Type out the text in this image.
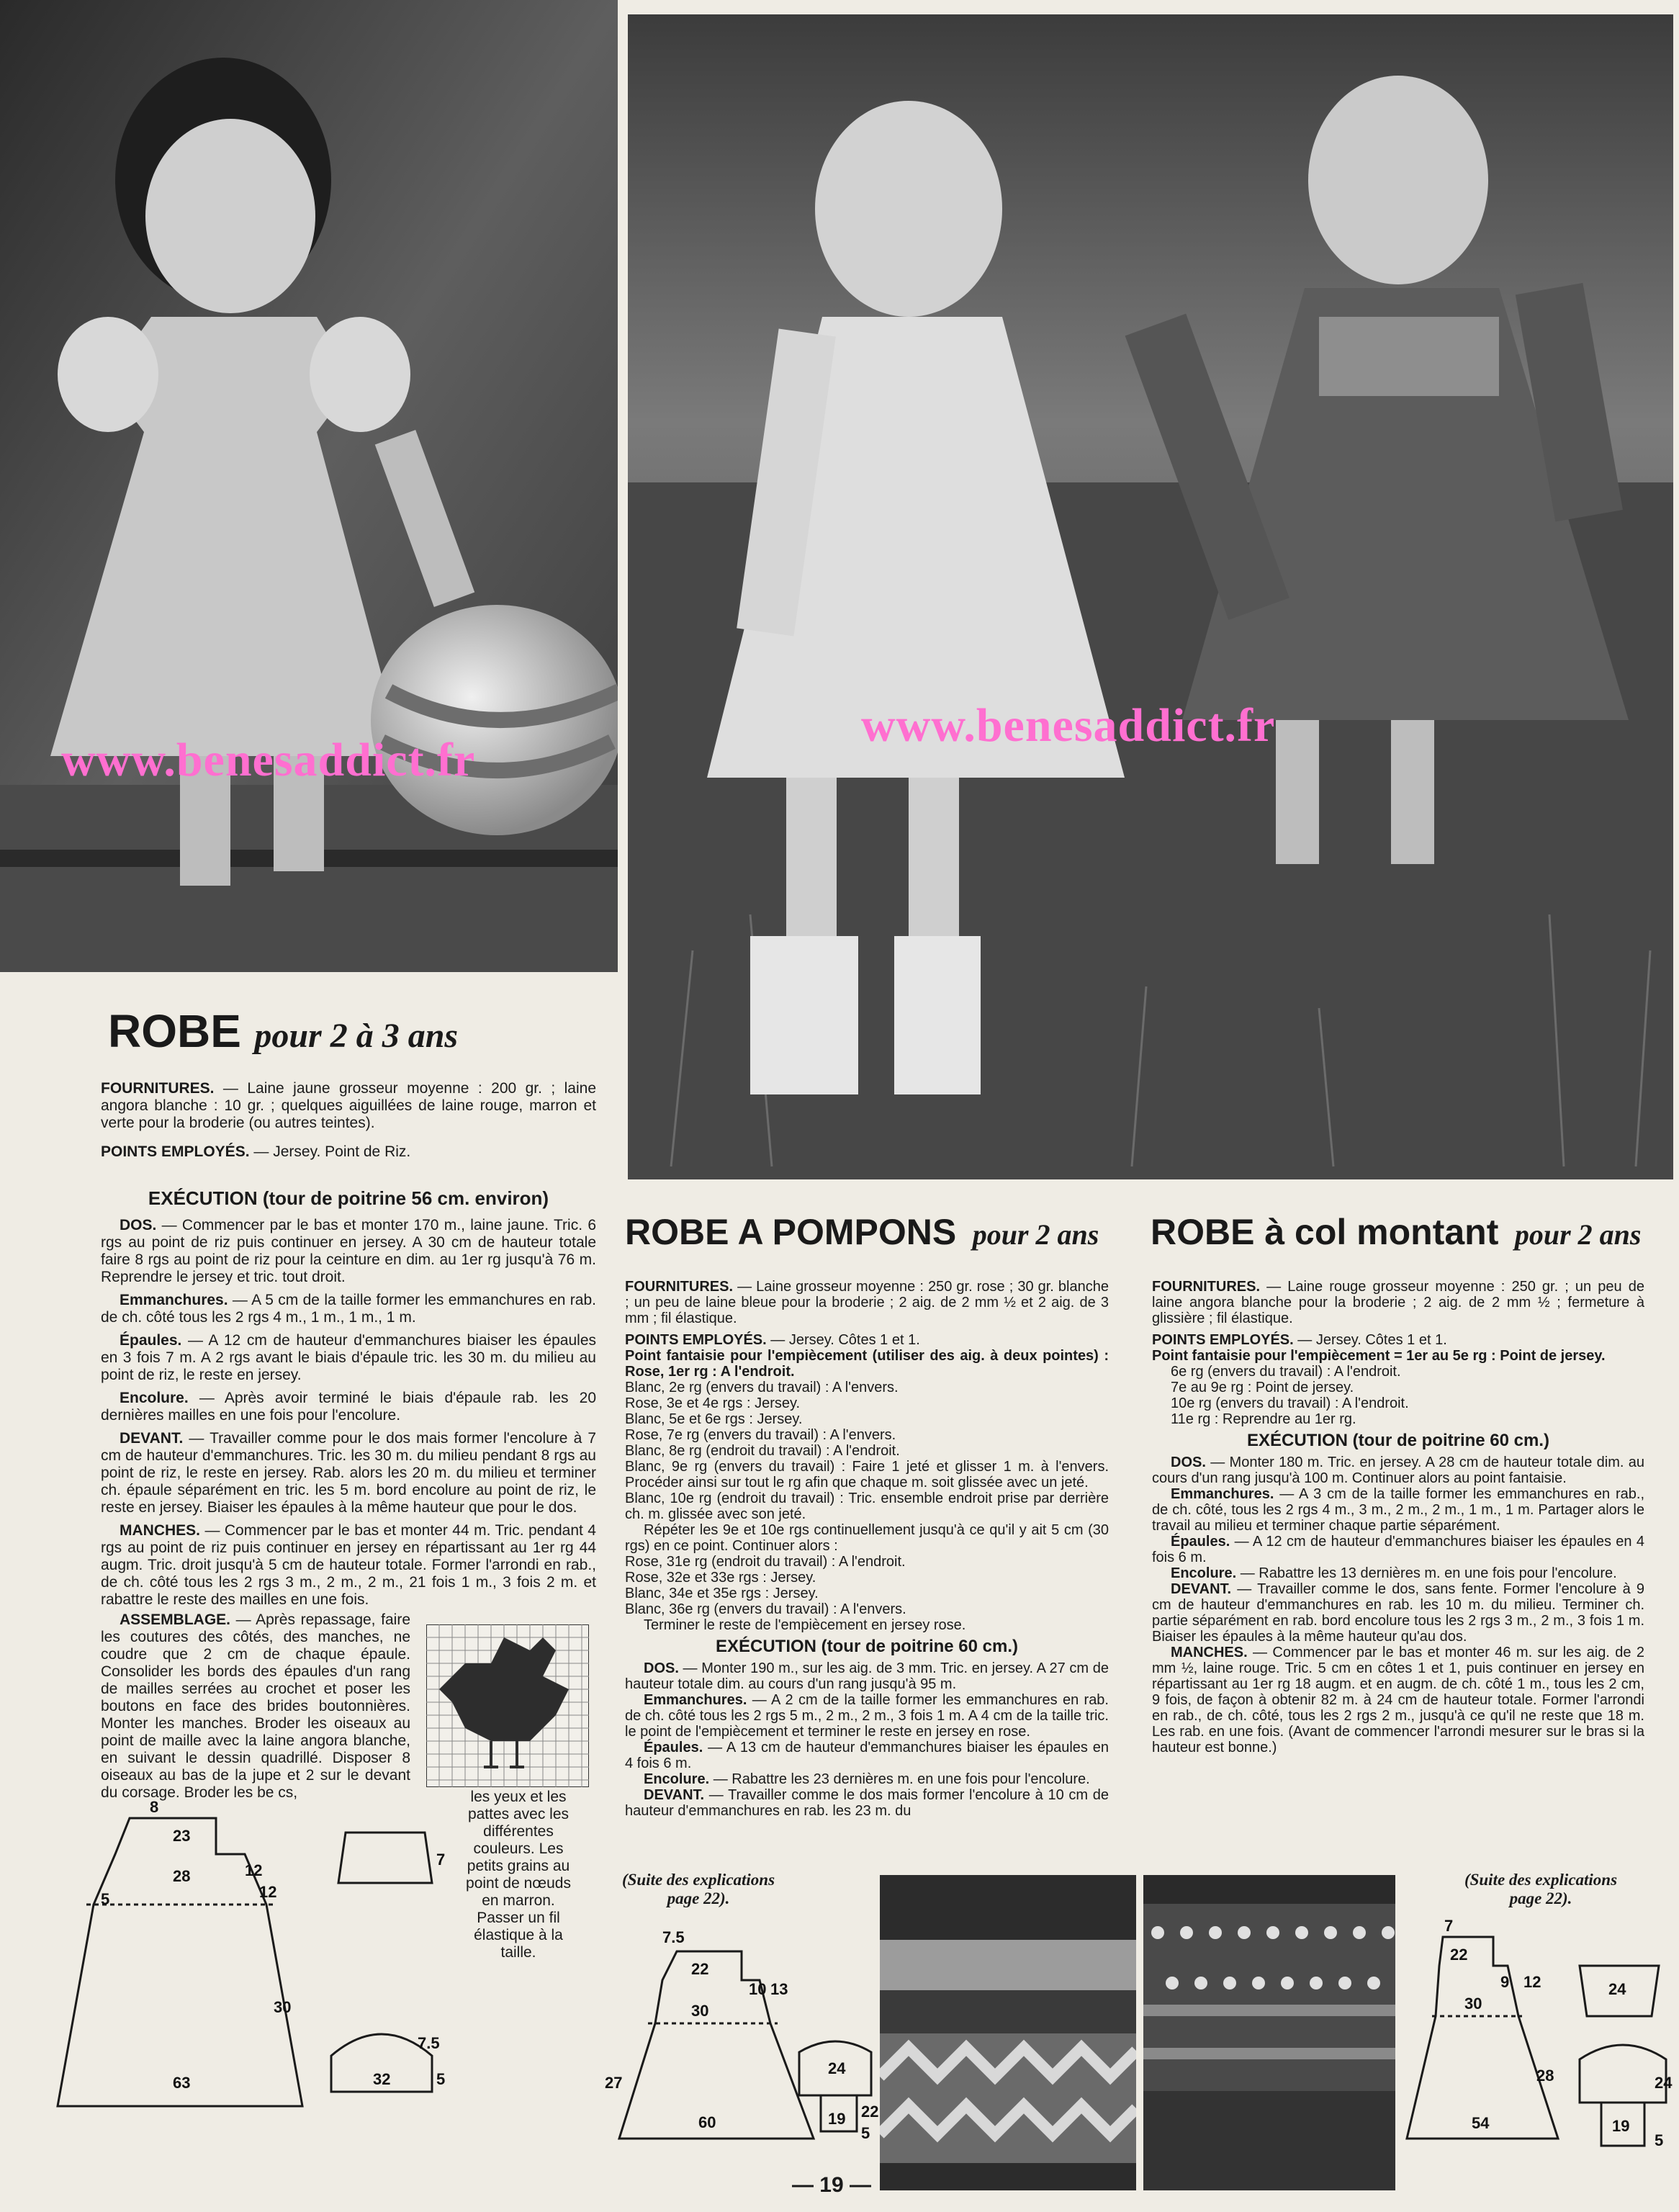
www.benesaddict.fr
www.benesaddict.fr
ROBE pour 2 à 3 ans

FOURNITURES. — Laine jaune grosseur moyenne : 200 gr. ; laine angora blanche : 10 gr. ; quelques aiguillées de laine rouge, marron et verte pour la broderie (ou autres teintes).

POINTS EMPLOYÉS. — Jersey. Point de Riz.

EXÉCUTION (tour de poitrine 56 cm. environ)

DOS. — Commencer par le bas et monter 170 m., laine jaune. Tric. 6 rgs au point de riz puis continuer en jersey. A 30 cm de hauteur totale faire 8 rgs au point de riz pour la ceinture en dim. au 1er rg jusqu'à 76 m. Reprendre le jersey et tric. tout droit.

Emmanchures. — A 5 cm de la taille former les emmanchures en rab. de ch. côté tous les 2 rgs 4 m., 1 m., 1 m., 1 m.

Épaules. — A 12 cm de hauteur d'emmanchures biaiser les épaules en 3 fois 7 m. A 2 rgs avant le biais d'épaule tric. les 30 m. du milieu au point de riz, le reste en jersey.

Encolure. — Après avoir terminé le biais d'épaule rab. les 20 dernières mailles en une fois pour l'encolure.

DEVANT. — Travailler comme pour le dos mais former l'encolure à 7 cm de hauteur d'emmanchures. Tric. les 30 m. du milieu pendant 8 rgs au point de riz, le reste en jersey. Rab. alors les 20 m. du milieu et terminer ch. épaule séparément en tric. les 5 m. bord encolure au point de riz, le reste en jersey. Biaiser les épaules à la même hauteur que pour le dos.

MANCHES. — Commencer par le bas et monter 44 m. Tric. pendant 4 rgs au point de riz puis continuer en jersey en répartissant au 1er rg 44 augm. Tric. droit jusqu'à 5 cm de hauteur totale. Former l'arrondi en rab., de ch. côté tous les 2 rgs 3 m., 2 m., 2 m., 21 fois 1 m., 3 fois 2 m. et rabattre le reste des mailles en une fois.

ASSEMBLAGE. — Après repassage, faire les coutures des côtés, des manches, ne coudre que 2 cm de chaque épaule. Consolider les bords des épaules d'un rang de mailles serrées au crochet et poser les boutons en face des brides boutonnières. Monter les manches. Broder les oiseaux au point de maille avec la laine angora blanche, en suivant le dessin quadrillé. Disposer 8 oiseaux au bas de la jupe et 2 sur le devant du corsage. Broder les be cs,	les yeux et les pattes avec les différentes couleurs. Les petits grains au point de nœuds en marron. Passer un fil élastique à la taille.

8
23
28
5
12
12
30
63
7
32
7.5
5
ROBE A POMPONS pour 2 ans

FOURNITURES. — Laine grosseur moyenne : 250 gr. rose ; 30 gr. blanche ; un peu de laine bleue pour la broderie ; 2 aig. de 2 mm ½ et 2 aig. de 3 mm ; fil élastique.

POINTS EMPLOYÉS. — Jersey. Côtes 1 et 1.

Point fantaisie pour l'empiècement (utiliser des aig. à deux pointes) : Rose, 1er rg : A l'endroit.

Blanc, 2e rg (envers du travail) : A l'envers.

Rose, 3e et 4e rgs : Jersey.

Blanc, 5e et 6e rgs : Jersey.

Rose, 7e rg (envers du travail) : A l'envers.

Blanc, 8e rg (endroit du travail) : A l'endroit.

Blanc, 9e rg (envers du travail) : Faire 1 jeté et glisser 1 m. à l'envers. Procéder ainsi sur tout le rg afin que chaque m. soit glissée avec un jeté.

Blanc, 10e rg (endroit du travail) : Tric. ensemble endroit prise par derrière ch. m. glissée avec son jeté.

Répéter les 9e et 10e rgs continuellement jusqu'à ce qu'il y ait 5 cm (30 rgs) en ce point. Continuer alors :

Rose, 31e rg (endroit du travail) : A l'endroit.

Rose, 32e et 33e rgs : Jersey.

Blanc, 34e et 35e rgs : Jersey.

Blanc, 36e rg (envers du travail) : A l'envers.

Terminer le reste de l'empiècement en jersey rose.

EXÉCUTION (tour de poitrine 60 cm.)

DOS. — Monter 190 m., sur les aig. de 3 mm. Tric. en jersey. A 27 cm de hauteur totale dim. au cours d'un rang jusqu'à 95 m.

Emmanchures. — A 2 cm de la taille former les emmanchures en rab. de ch. côté tous les 2 rgs 5 m., 2 m., 2 m., 3 fois 1 m. A 4 cm de la taille tric. le point de l'empiècement et terminer le reste en jersey en rose.

Épaules. — A 13 cm de hauteur d'emmanchures biaiser les épaules en 4 fois 6 m.

Encolure. — Rabattre les 23 dernières m. en une fois pour l'encolure.

DEVANT. — Travailler comme le dos mais former l'encolure à 10 cm de hauteur d'emmanchures en rab. les 23 m. du

(Suite des explications page 22).
7.5
22
10 13
27
30
60
24
19 22
5
ROBE à col montant pour 2 ans

FOURNITURES. — Laine rouge grosseur moyenne : 250 gr. ; un peu de laine angora blanche pour la broderie ; 2 aig. de 2 mm ½ ; fermeture à glissière ; fil élastique.

POINTS EMPLOYÉS. — Jersey. Côtes 1 et 1.

Point fantaisie pour l'empiècement = 1er au 5e rg : Point de jersey.

6e rg (envers du travail) : A l'endroit.

7e au 9e rg : Point de jersey.

10e rg (envers du travail) : A l'endroit.

11e rg : Reprendre au 1er rg.

EXÉCUTION (tour de poitrine 60 cm.)

DOS. — Monter 180 m. Tric. en jersey. A 28 cm de hauteur totale dim. au cours d'un rang jusqu'à 100 m. Continuer alors au point fantaisie.

Emmanchures. — A 3 cm de la taille former les emmanchures en rab., de ch. côté, tous les 2 rgs 4 m., 3 m., 2 m., 2 m., 1 m., 1 m. Partager alors le travail au milieu et terminer chaque partie séparément.

Épaules. — A 12 cm de hauteur d'emmanchures biaiser les épaules en 4 fois 6 m.

Encolure. — Rabattre les 13 dernières m. en une fois pour l'encolure.

DEVANT. — Travailler comme le dos, sans fente. Former l'encolure à 9 cm de hauteur d'emmanchures en rab. les 10 m. du milieu. Terminer ch. partie séparément en rab. bord encolure tous les 2 rgs 3 m., 2 m., 3 fois 1 m. Biaiser les épaules à la même hauteur qu'au dos.

MANCHES. — Commencer par le bas et monter 46 m. sur les aig. de 2 mm ½, laine rouge. Tric. 5 cm en côtes 1 et 1, puis continuer en jersey en répartissant au 1er rg 18 augm. et en augm. de ch. côté 1 m., tous les 2 cm, 9 fois, de façon à obtenir 82 m. à 24 cm de hauteur totale. Former l'arrondi en rab., de ch. côté, tous les 2 rgs 2 m., jusqu'à ce qu'il ne reste que 18 m. Les rab. en une fois. (Avant de commencer l'arrondi mesurer sur le bras si la hauteur est bonne.)

(Suite des explications page 22).
7
22
9 12
30
54
28
24
19
24
5
— 19 —
